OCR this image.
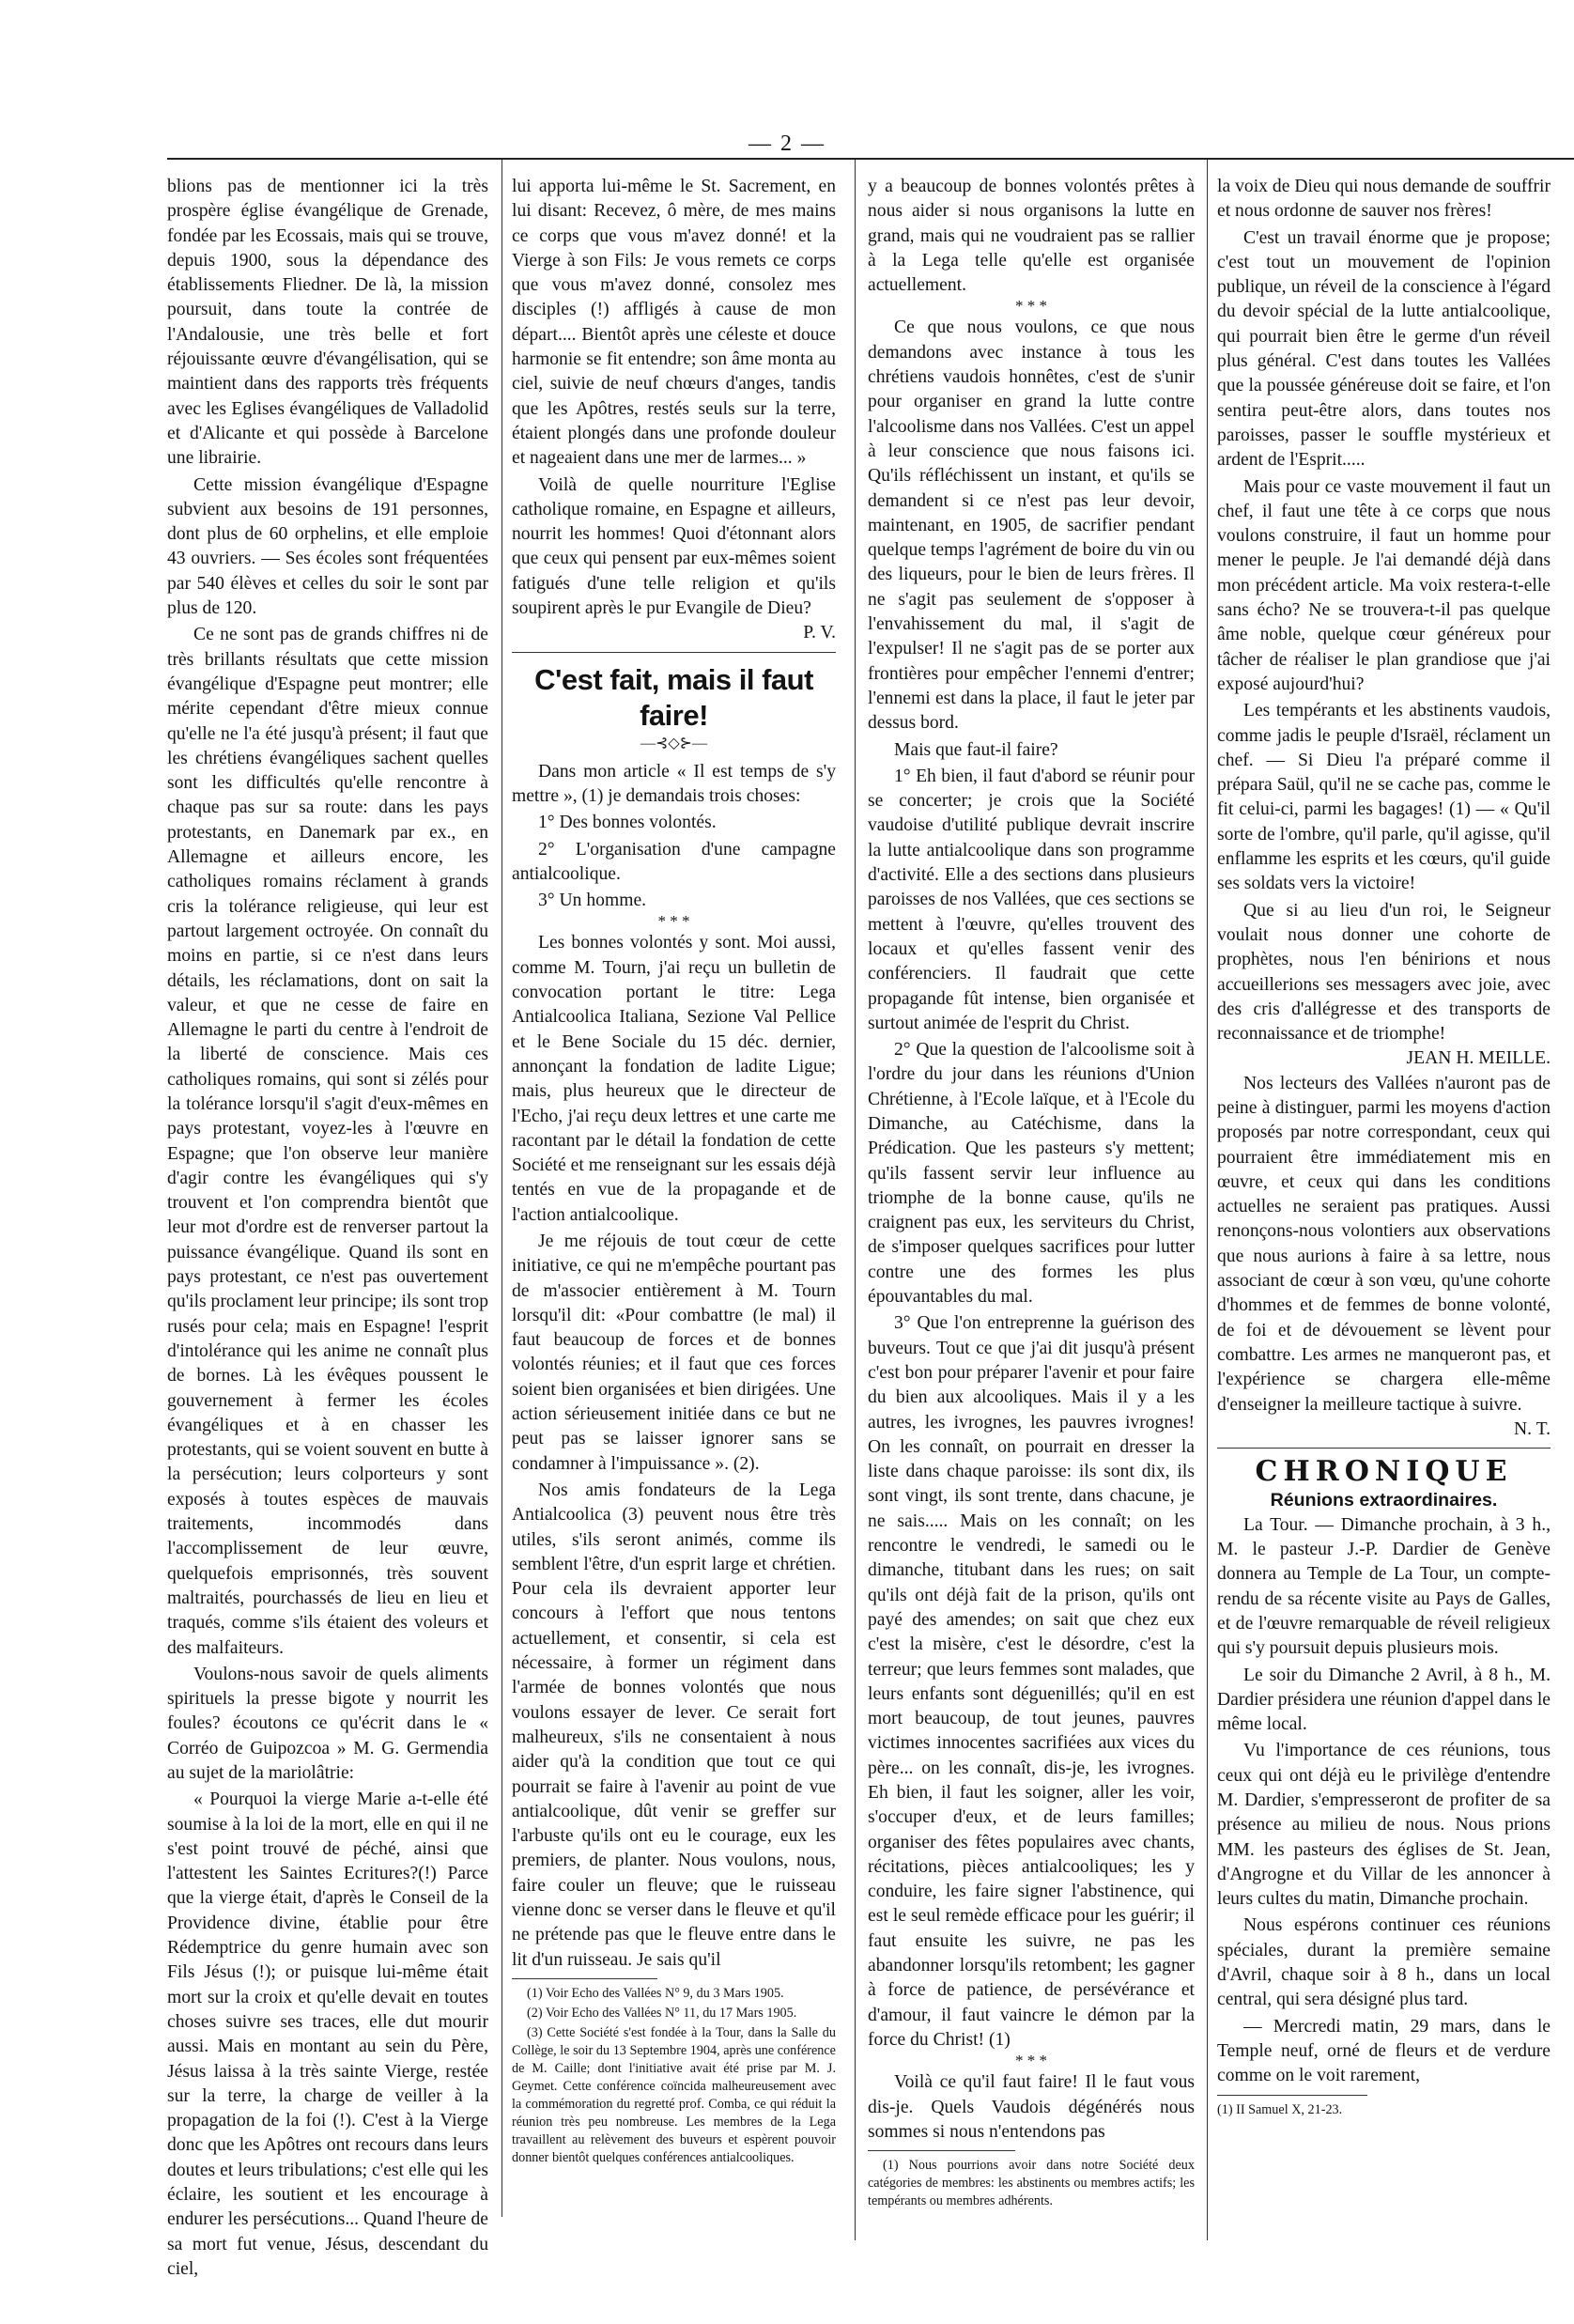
— 2 —

blions pas de mentionner ici la très prospère église évangélique de Grenade, fondée par les Ecossais, mais qui se trouve, depuis 1900, sous la dépendance des établissements Fliedner. De là, la mission poursuit, dans toute la contrée de l'Andalousie, une très belle et fort réjouissante œuvre d'évangélisation, qui se maintient dans des rapports très fréquents avec les Eglises évangéliques de Valladolid et d'Alicante et qui possède à Barcelone une librairie.

Cette mission évangélique d'Espagne subvient aux besoins de 191 personnes, dont plus de 60 orphelins, et elle emploie 43 ouvriers. — Ses écoles sont fréquentées par 540 élèves et celles du soir le sont par plus de 120.

Ce ne sont pas de grands chiffres ni de très brillants résultats que cette mission évangélique d'Espagne peut montrer; elle mérite cependant d'être mieux connue qu'elle ne l'a été jusqu'à présent; il faut que les chrétiens évangéliques sachent quelles sont les difficultés qu'elle rencontre à chaque pas sur sa route: dans les pays protestants, en Danemark par ex., en Allemagne et ailleurs encore, les catholiques romains réclament à grands cris la tolérance religieuse, qui leur est partout largement octroyée. On connaît du moins en partie, si ce n'est dans leurs détails, les réclamations, dont on sait la valeur, et que ne cesse de faire en Allemagne le parti du centre à l'endroit de la liberté de conscience. Mais ces catholiques romains, qui sont si zélés pour la tolérance lorsqu'il s'agit d'eux-mêmes en pays protestant, voyez-les à l'œuvre en Espagne; que l'on observe leur manière d'agir contre les évangéliques qui s'y trouvent et l'on comprendra bientôt que leur mot d'ordre est de renverser partout la puissance évangélique. Quand ils sont en pays protestant, ce n'est pas ouvertement qu'ils proclament leur principe; ils sont trop rusés pour cela; mais en Espagne! l'esprit d'intolérance qui les anime ne connaît plus de bornes. Là les évêques poussent le gouvernement à fermer les écoles évangéliques et à en chasser les protestants, qui se voient souvent en butte à la persécution; leurs colporteurs y sont exposés à toutes espèces de mauvais traitements, incommodés dans l'accomplissement de leur œuvre, quelquefois emprisonnés, très souvent maltraités, pourchassés de lieu en lieu et traqués, comme s'ils étaient des voleurs et des malfaiteurs.

Voulons-nous savoir de quels aliments spirituels la presse bigote y nourrit les foules? écoutons ce qu'écrit dans le « Corréo de Guipozcoa » M. G. Germendia au sujet de la mariolâtrie:

« Pourquoi la vierge Marie a-t-elle été soumise à la loi de la mort, elle en qui il ne s'est point trouvé de péché, ainsi que l'attestent les Saintes Ecritures?(!) Parce que la vierge était, d'après le Conseil de la Providence divine, établie pour être Rédemptrice du genre humain avec son Fils Jésus (!); or puisque lui-même était mort sur la croix et qu'elle devait en toutes choses suivre ses traces, elle dut mourir aussi. Mais en montant au sein du Père, Jésus laissa à la très sainte Vierge, restée sur la terre, la charge de veiller à la propagation de la foi (!). C'est à la Vierge donc que les Apôtres ont recours dans leurs doutes et leurs tribulations; c'est elle qui les éclaire, les soutient et les encourage à endurer les persécutions... Quand l'heure de sa mort fut venue, Jésus, descendant du ciel,

lui apporta lui-même le St. Sacrement, en lui disant: Recevez, ô mère, de mes mains ce corps que vous m'avez donné! et la Vierge à son Fils: Je vous remets ce corps que vous m'avez donné, consolez mes disciples (!) affligés à cause de mon départ.... Bientôt après une céleste et douce harmonie se fit entendre; son âme monta au ciel, suivie de neuf chœurs d'anges, tandis que les Apôtres, restés seuls sur la terre, étaient plongés dans une profonde douleur et nageaient dans une mer de larmes... »

Voilà de quelle nourriture l'Eglise catholique romaine, en Espagne et ailleurs, nourrit les hommes! Quoi d'étonnant alors que ceux qui pensent par eux-mêmes soient fatigués d'une telle religion et qu'ils soupirent après le pur Evangile de Dieu?

P. V.
C'est fait, mais il faut faire!
—⊰◇⊱—

Dans mon article « Il est temps de s'y mettre », (1) je demandais trois choses:

1° Des bonnes volontés.

2° L'organisation d'une campagne antialcoolique.

3° Un homme.

* * *

Les bonnes volontés y sont. Moi aussi, comme M. Tourn, j'ai reçu un bulletin de convocation portant le titre: Lega Antialcoolica Italiana, Sezione Val Pellice et le Bene Sociale du 15 déc. dernier, annonçant la fondation de ladite Ligue; mais, plus heureux que le directeur de l'Echo, j'ai reçu deux lettres et une carte me racontant par le détail la fondation de cette Société et me renseignant sur les essais déjà tentés en vue de la propagande et de l'action antialcoolique.

Je me réjouis de tout cœur de cette initiative, ce qui ne m'empêche pourtant pas de m'associer entièrement à M. Tourn lorsqu'il dit: «Pour combattre (le mal) il faut beaucoup de forces et de bonnes volontés réunies; et il faut que ces forces soient bien organisées et bien dirigées. Une action sérieusement initiée dans ce but ne peut pas se laisser ignorer sans se condamner à l'impuissance ». (2).

Nos amis fondateurs de la Lega Antialcoolica (3) peuvent nous être très utiles, s'ils seront animés, comme ils semblent l'être, d'un esprit large et chrétien. Pour cela ils devraient apporter leur concours à l'effort que nous tentons actuellement, et consentir, si cela est nécessaire, à former un régiment dans l'armée de bonnes volontés que nous voulons essayer de lever. Ce serait fort malheureux, s'ils ne consentaient à nous aider qu'à la condition que tout ce qui pourrait se faire à l'avenir au point de vue antialcoolique, dût venir se greffer sur l'arbuste qu'ils ont eu le courage, eux les premiers, de planter. Nous voulons, nous, faire couler un fleuve; que le ruisseau vienne donc se verser dans le fleuve et qu'il ne prétende pas que le fleuve entre dans le lit d'un ruisseau. Je sais qu'il

(1) Voir Echo des Vallées N° 9, du 3 Mars 1905.

(2) Voir Echo des Vallées N° 11, du 17 Mars 1905.

(3) Cette Société s'est fondée à la Tour, dans la Salle du Collège, le soir du 13 Septembre 1904, après une conférence de M. Caille; dont l'initiative avait été prise par M. J. Geymet. Cette conférence coïncida malheureusement avec la commémoration du regretté prof. Comba, ce qui réduit la réunion très peu nombreuse. Les membres de la Lega travaillent au relèvement des buveurs et espèrent pouvoir donner bientôt quelques conférences antialcooliques.

y a beaucoup de bonnes volontés prêtes à nous aider si nous organisons la lutte en grand, mais qui ne voudraient pas se rallier à la Lega telle qu'elle est organisée actuellement.

* * *

Ce que nous voulons, ce que nous demandons avec instance à tous les chrétiens vaudois honnêtes, c'est de s'unir pour organiser en grand la lutte contre l'alcoolisme dans nos Vallées. C'est un appel à leur conscience que nous faisons ici. Qu'ils réfléchissent un instant, et qu'ils se demandent si ce n'est pas leur devoir, maintenant, en 1905, de sacrifier pendant quelque temps l'agrément de boire du vin ou des liqueurs, pour le bien de leurs frères. Il ne s'agit pas seulement de s'opposer à l'envahissement du mal, il s'agit de l'expulser! Il ne s'agit pas de se porter aux frontières pour empêcher l'ennemi d'entrer; l'ennemi est dans la place, il faut le jeter par dessus bord.

Mais que faut-il faire?

1° Eh bien, il faut d'abord se réunir pour se concerter; je crois que la Société vaudoise d'utilité publique devrait inscrire la lutte antialcoolique dans son programme d'activité. Elle a des sections dans plusieurs paroisses de nos Vallées, que ces sections se mettent à l'œuvre, qu'elles trouvent des locaux et qu'elles fassent venir des conférenciers. Il faudrait que cette propagande fût intense, bien organisée et surtout animée de l'esprit du Christ.

2° Que la question de l'alcoolisme soit à l'ordre du jour dans les réunions d'Union Chrétienne, à l'Ecole laïque, et à l'Ecole du Dimanche, au Catéchisme, dans la Prédication. Que les pasteurs s'y mettent; qu'ils fassent servir leur influence au triomphe de la bonne cause, qu'ils ne craignent pas eux, les serviteurs du Christ, de s'imposer quelques sacrifices pour lutter contre une des formes les plus épouvantables du mal.

3° Que l'on entreprenne la guérison des buveurs. Tout ce que j'ai dit jusqu'à présent c'est bon pour préparer l'avenir et pour faire du bien aux alcooliques. Mais il y a les autres, les ivrognes, les pauvres ivrognes! On les connaît, on pourrait en dresser la liste dans chaque paroisse: ils sont dix, ils sont vingt, ils sont trente, dans chacune, je ne sais..... Mais on les connaît; on les rencontre le vendredi, le samedi ou le dimanche, titubant dans les rues; on sait qu'ils ont déjà fait de la prison, qu'ils ont payé des amendes; on sait que chez eux c'est la misère, c'est le désordre, c'est la terreur; que leurs femmes sont malades, que leurs enfants sont déguenillés; qu'il en est mort beaucoup, de tout jeunes, pauvres victimes innocentes sacrifiées aux vices du père... on les connaît, dis-je, les ivrognes. Eh bien, il faut les soigner, aller les voir, s'occuper d'eux, et de leurs familles; organiser des fêtes populaires avec chants, récitations, pièces antialcooliques; les y conduire, les faire signer l'abstinence, qui est le seul remède efficace pour les guérir; il faut ensuite les suivre, ne pas les abandonner lorsqu'ils retombent; les gagner à force de patience, de persévérance et d'amour, il faut vaincre le démon par la force du Christ! (1)

* * *

Voilà ce qu'il faut faire! Il le faut vous dis-je. Quels Vaudois dégénérés nous sommes si nous n'entendons pas

(1) Nous pourrions avoir dans notre Société deux catégories de membres: les abstinents ou membres actifs; les tempérants ou membres adhérents.

la voix de Dieu qui nous demande de souffrir et nous ordonne de sauver nos frères!

C'est un travail énorme que je propose; c'est tout un mouvement de l'opinion publique, un réveil de la conscience à l'égard du devoir spécial de la lutte antialcoolique, qui pourrait bien être le germe d'un réveil plus général. C'est dans toutes les Vallées que la poussée généreuse doit se faire, et l'on sentira peut-être alors, dans toutes nos paroisses, passer le souffle mystérieux et ardent de l'Esprit.....

Mais pour ce vaste mouvement il faut un chef, il faut une tête à ce corps que nous voulons construire, il faut un homme pour mener le peuple. Je l'ai demandé déjà dans mon précédent article. Ma voix restera-t-elle sans écho? Ne se trouvera-t-il pas quelque âme noble, quelque cœur généreux pour tâcher de réaliser le plan grandiose que j'ai exposé aujourd'hui?

Les tempérants et les abstinents vaudois, comme jadis le peuple d'Israël, réclament un chef. — Si Dieu l'a préparé comme il prépara Saül, qu'il ne se cache pas, comme le fit celui-ci, parmi les bagages! (1) — « Qu'il sorte de l'ombre, qu'il parle, qu'il agisse, qu'il enflamme les esprits et les cœurs, qu'il guide ses soldats vers la victoire!

Que si au lieu d'un roi, le Seigneur voulait nous donner une cohorte de prophètes, nous l'en bénirions et nous accueillerions ses messagers avec joie, avec des cris d'allégresse et des transports de reconnaissance et de triomphe!

JEAN H. MEILLE.

Nos lecteurs des Vallées n'auront pas de peine à distinguer, parmi les moyens d'action proposés par notre correspondant, ceux qui pourraient être immédiatement mis en œuvre, et ceux qui dans les conditions actuelles ne seraient pas pratiques. Aussi renonçons-nous volontiers aux observations que nous aurions à faire à sa lettre, nous associant de cœur à son vœu, qu'une cohorte d'hommes et de femmes de bonne volonté, de foi et de dévouement se lèvent pour combattre. Les armes ne manqueront pas, et l'expérience se chargera elle-même d'enseigner la meilleure tactique à suivre.

N. T.
CHRONIQUE
Réunions extraordinaires.

La Tour. — Dimanche prochain, à 3 h., M. le pasteur J.-P. Dardier de Genève donnera au Temple de La Tour, un compte-rendu de sa récente visite au Pays de Galles, et de l'œuvre remarquable de réveil religieux qui s'y poursuit depuis plusieurs mois.

Le soir du Dimanche 2 Avril, à 8 h., M. Dardier présidera une réunion d'appel dans le même local.

Vu l'importance de ces réunions, tous ceux qui ont déjà eu le privilège d'entendre M. Dardier, s'empresseront de profiter de sa présence au milieu de nous. Nous prions MM. les pasteurs des églises de St. Jean, d'Angrogne et du Villar de les annoncer à leurs cultes du matin, Dimanche prochain.

Nous espérons continuer ces réunions spéciales, durant la première semaine d'Avril, chaque soir à 8 h., dans un local central, qui sera désigné plus tard.

— Mercredi matin, 29 mars, dans le Temple neuf, orné de fleurs et de verdure comme on le voit rarement,

(1) II Samuel X, 21-23.
